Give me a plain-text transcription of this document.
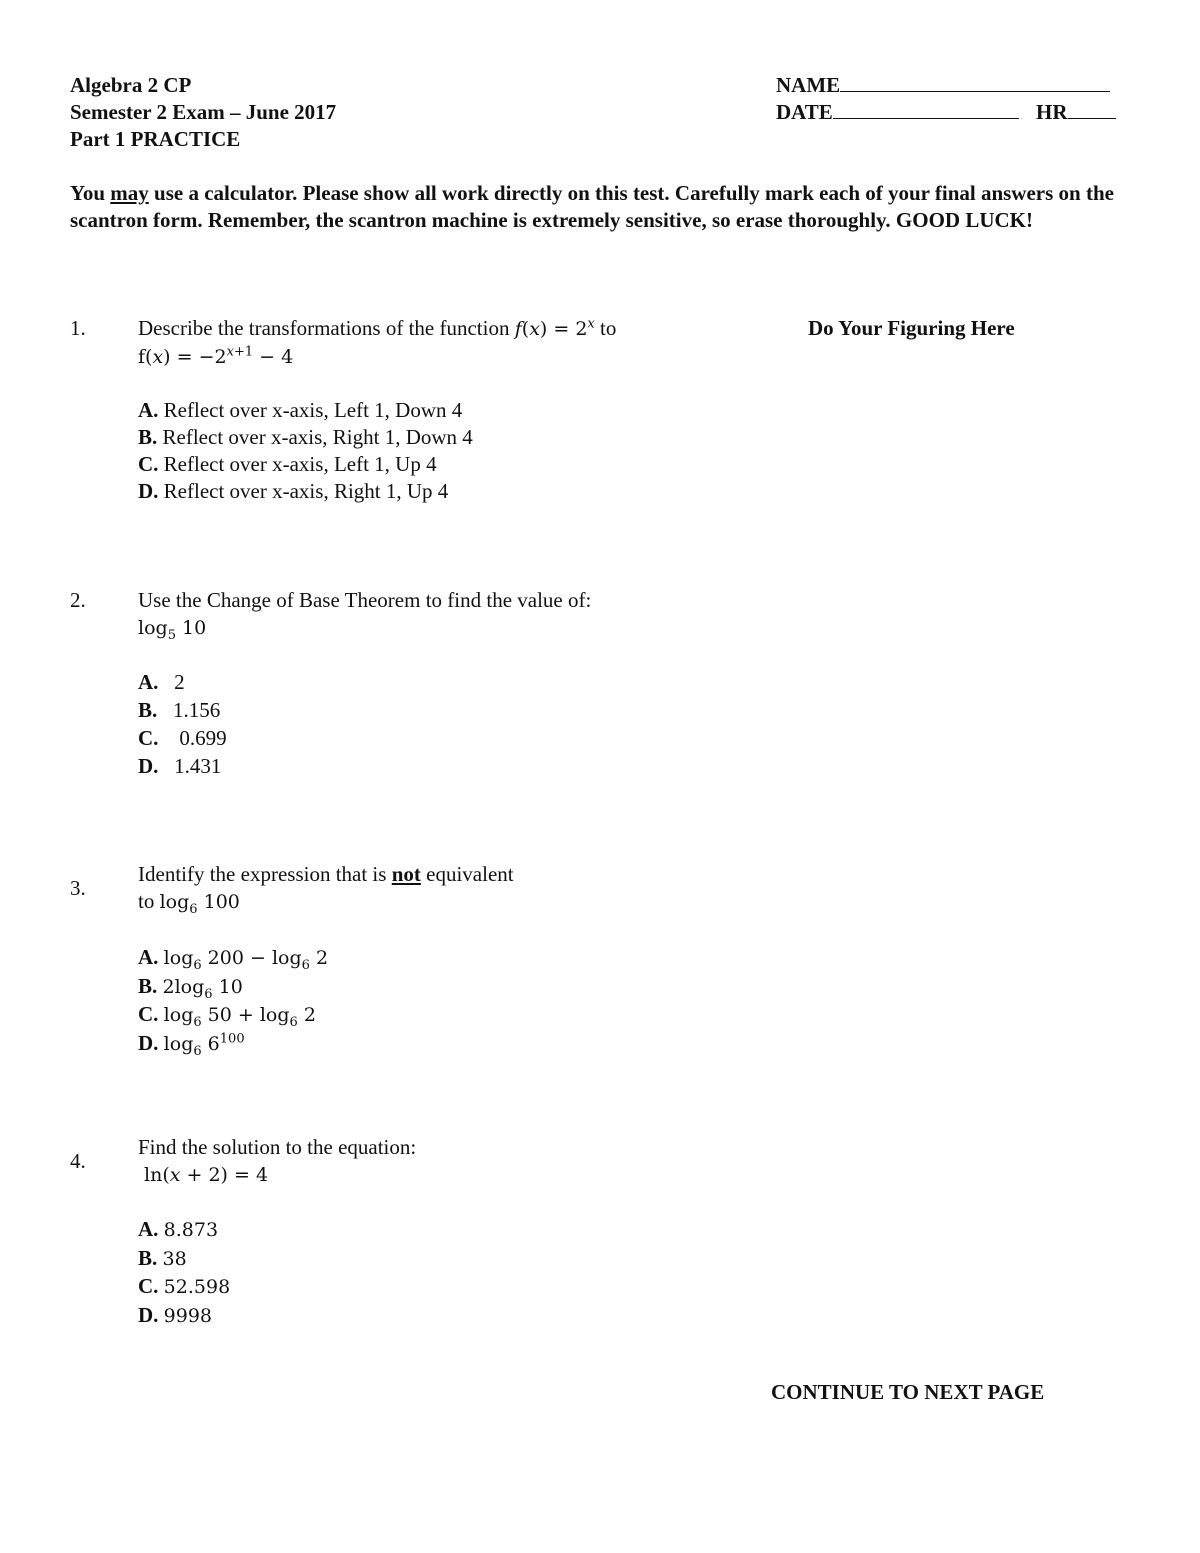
Algebra 2 CP
Semester 2 Exam – June 2017
Part 1 PRACTICE
NAME
DATE	HR
You may use a calculator. Please show all work directly on this test. Carefully mark each of your final answers on the scantron form. Remember, the scantron machine is extremely sensitive, so erase thoroughly. GOOD LUCK!
1. Describe the transformations of the function $f(x) = 2^x$ to
$f(x) = -2^{x+1} - 4$
Do Your Figuring Here
A. Reflect over x-axis, Left 1, Down 4
B. Reflect over x-axis, Right 1, Down 4
C. Reflect over x-axis, Left 1, Up 4
D. Reflect over x-axis, Right 1, Up 4
2. Use the Change of Base Theorem to find the value of:
$\log_5 10$
A. 2
B. 1.156
C. 0.699
D. 1.431
3.
Identify the expression that is not equivalent
to $\log_6 100$
A. $\log_6 200 - \log_6 2$
B. $2\log_6$ 10
C. $\log_6 50 + \log_6 2$
D. $\log_6 6^{100}$
4.
Find the solution to the equation:
ln(x + 2) = 4
A. 8.873
B. 38
C. 52.598
D. 9998
CONTINUE TO NEXT PAGE
